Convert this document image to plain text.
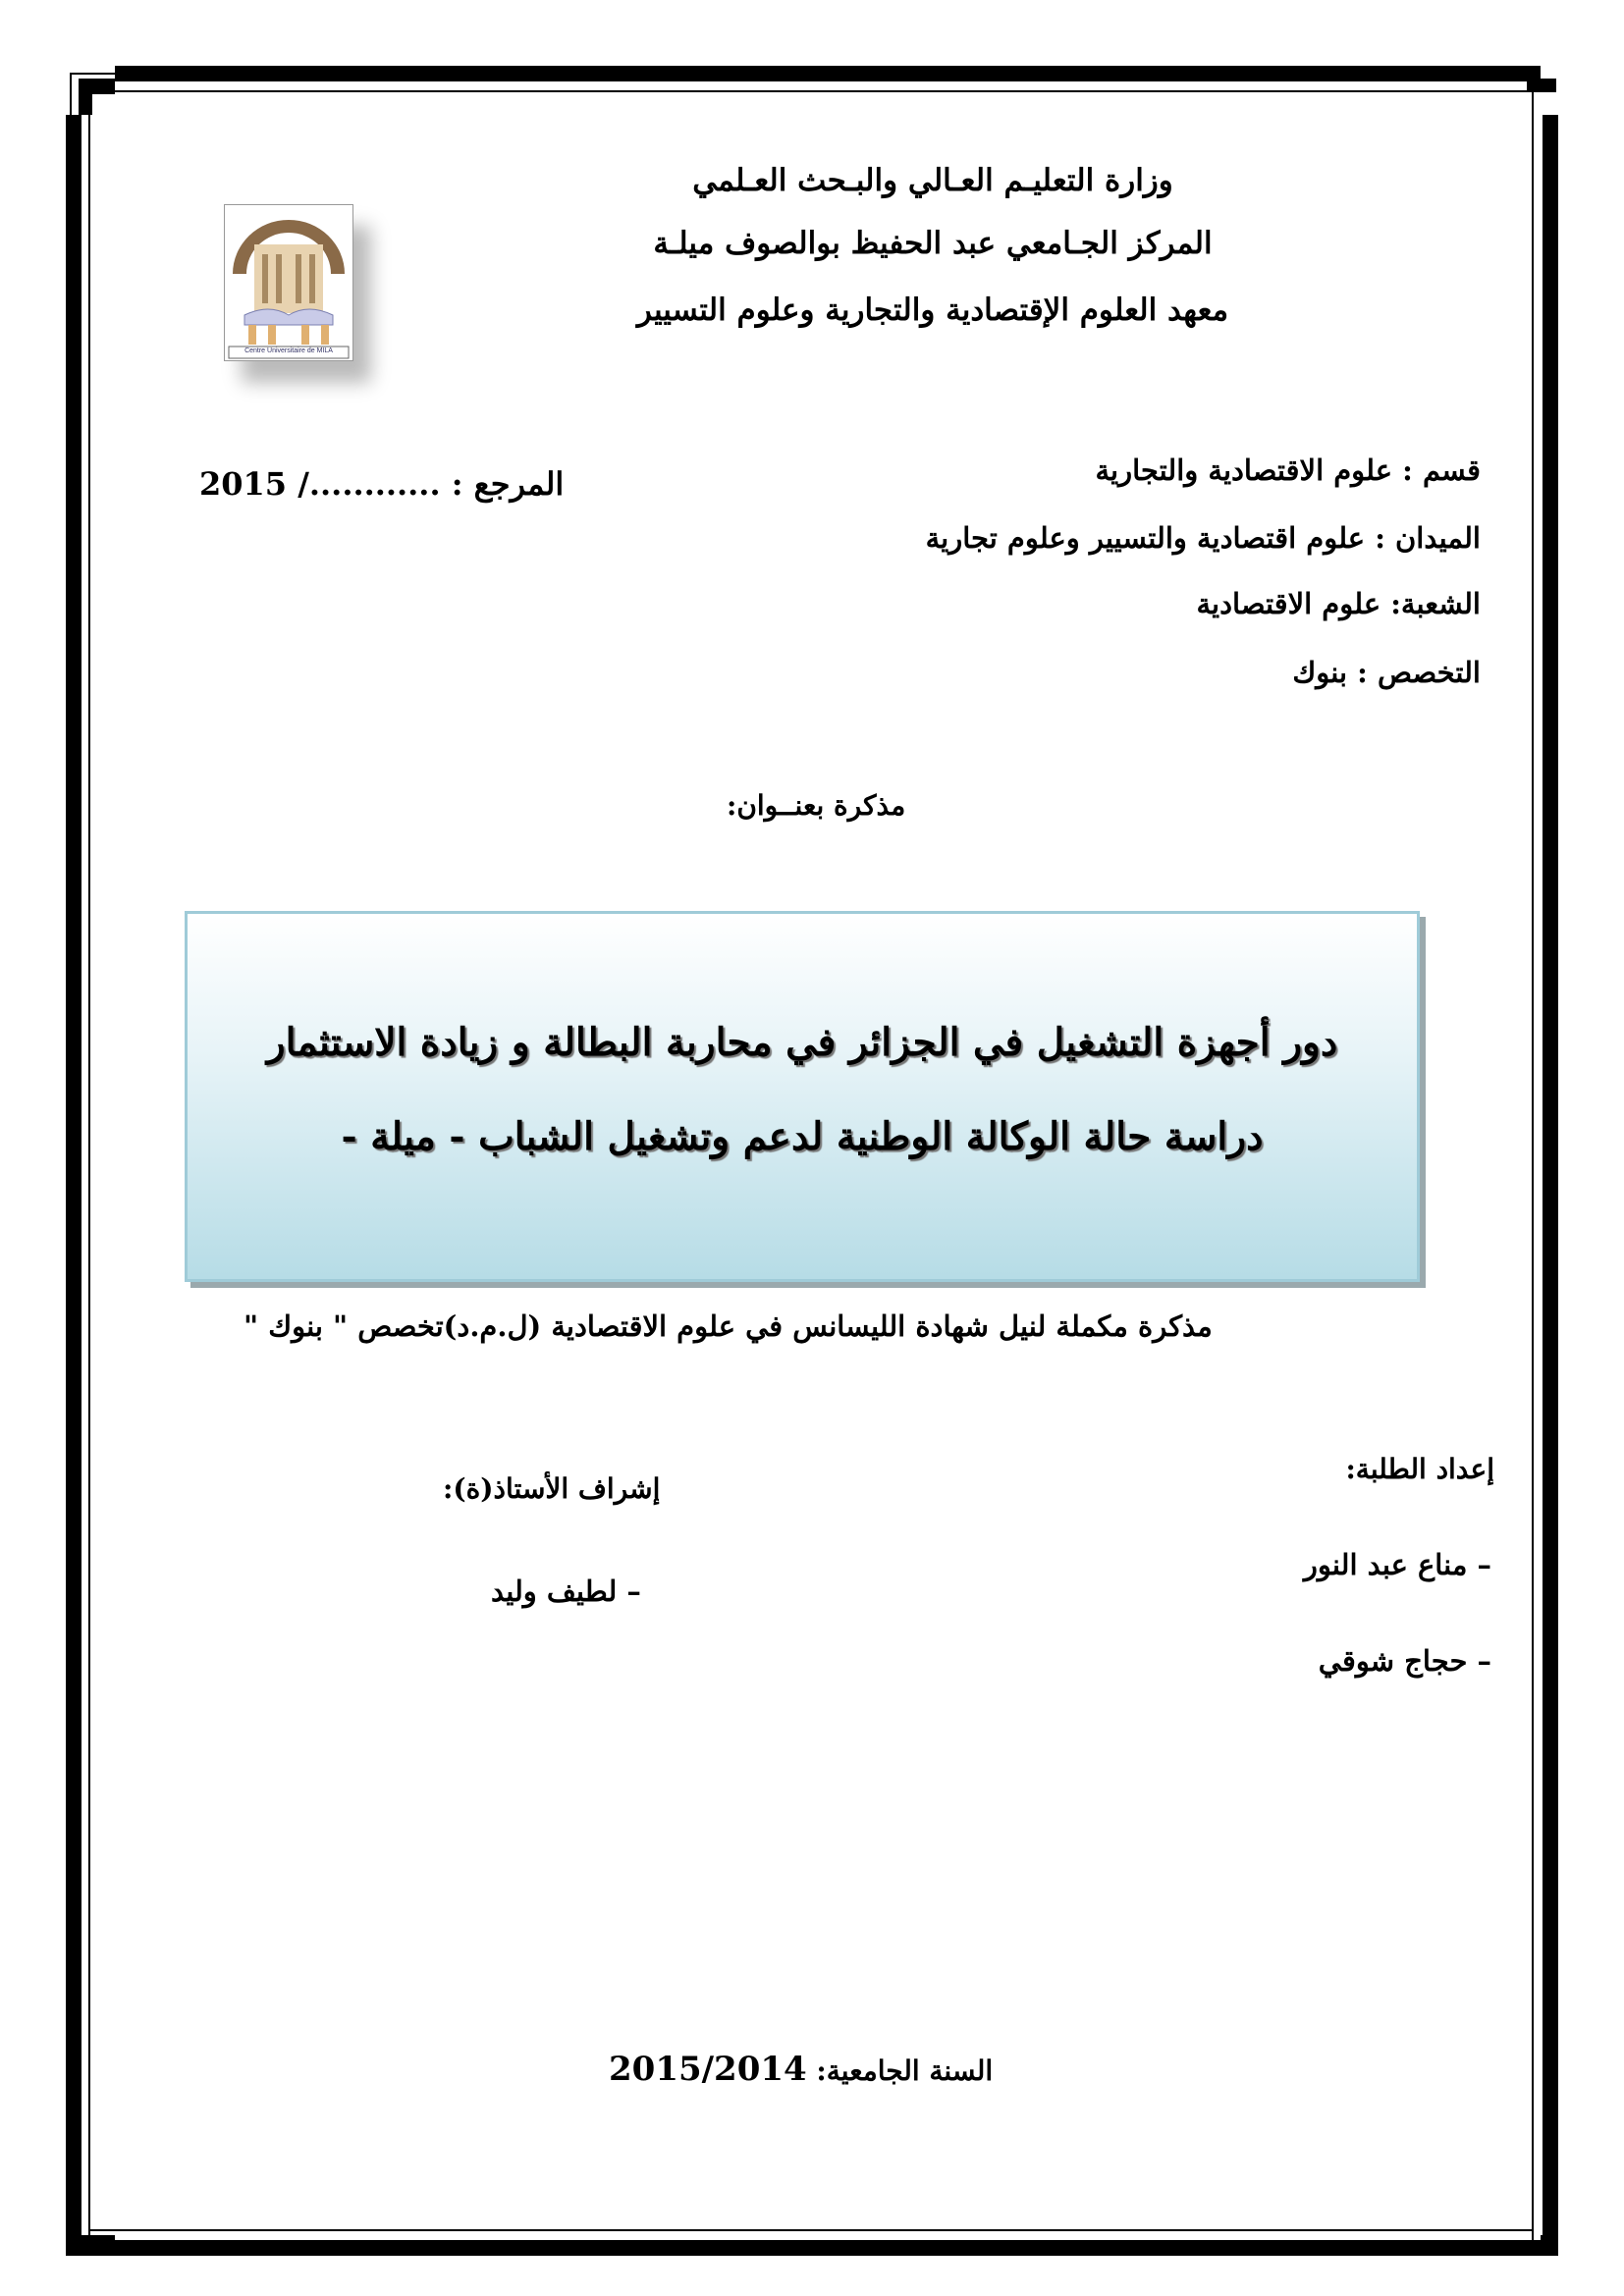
Centre Universitaire de MILA
وزارة التعليـم العـالي والبـحث العـلمي
المركز الجـامعي عبد الحفيظ بوالصوف ميلـة
معهد العلوم الإقتصادية والتجارية وعلوم التسيير
قسم : علوم الاقتصادية والتجارية
الميدان : علوم اقتصادية والتسيير وعلوم تجارية
الشعبة: علوم الاقتصادية
التخصص : بنوك
المرجع : ............/ 2015
مذكرة بعنــوان:
دور أجهزة التشغيل في الجزائر في محاربة البطالة و زيادة الاستثمار
دراسة حالة الوكالة الوطنية لدعم وتشغيل الشباب - ميلة -
مذكرة مكملة لنيل شهادة الليسانس في علوم الاقتصادية (ل.م.د)تخصص " بنوك "
إعداد الطلبة:
– مناع عبد النور
– حجاج شوقي
إشراف الأستاذ(ة):
– لطيف وليد
السنة الجامعية: 2015/2014
